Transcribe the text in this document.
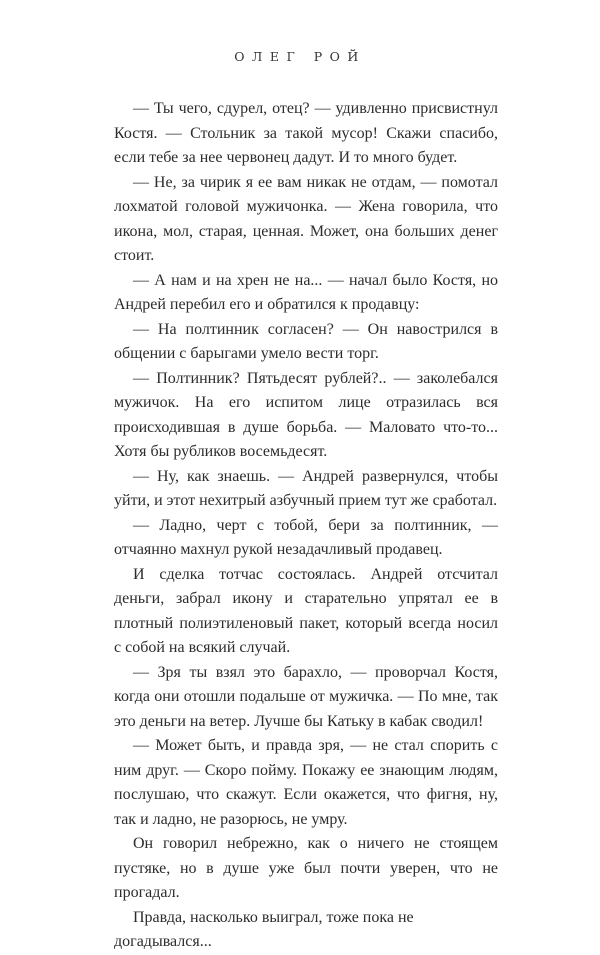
ОЛЕГ РОЙ

— Ты чего, сдурел, отец? — удивленно присвистнул Костя. — Стольник за такой мусор! Скажи спасибо, если тебе за нее червонец дадут. И то много будет.

— Не, за чирик я ее вам никак не отдам, — помотал лохматой головой мужичонка. — Жена говорила, что икона, мол, старая, ценная. Может, она больших денег стоит.

— А нам и на хрен не на... — начал было Костя, но Андрей перебил его и обратился к продавцу:

— На полтинник согласен? — Он навострился в общении с барыгами умело вести торг.

— Полтинник? Пятьдесят рублей?.. — заколебался мужичок. На его испитом лице отразилась вся происходившая в душе борьба. — Маловато что-то... Хотя бы рубликов восемьдесят.

— Ну, как знаешь. — Андрей развернулся, чтобы уйти, и этот нехитрый азбучный прием тут же сработал.

— Ладно, черт с тобой, бери за полтинник, — отчаянно махнул рукой незадачливый продавец.

И сделка тотчас состоялась. Андрей отсчитал деньги, забрал икону и старательно упрятал ее в плотный полиэтиленовый пакет, который всегда носил с собой на всякий случай.

— Зря ты взял это барахло, — проворчал Костя, когда они отошли подальше от мужичка. — По мне, так это деньги на ветер. Лучше бы Катьку в кабак сводил!

— Может быть, и правда зря, — не стал спорить с ним друг. — Скоро пойму. Покажу ее знающим людям, послушаю, что скажут. Если окажется, что фигня, ну, так и ладно, не разорюсь, не умру.

Он говорил небрежно, как о ничего не стоящем пустяке, но в душе уже был почти уверен, что не прогадал.

Правда, насколько выиграл, тоже пока не догадывался...
